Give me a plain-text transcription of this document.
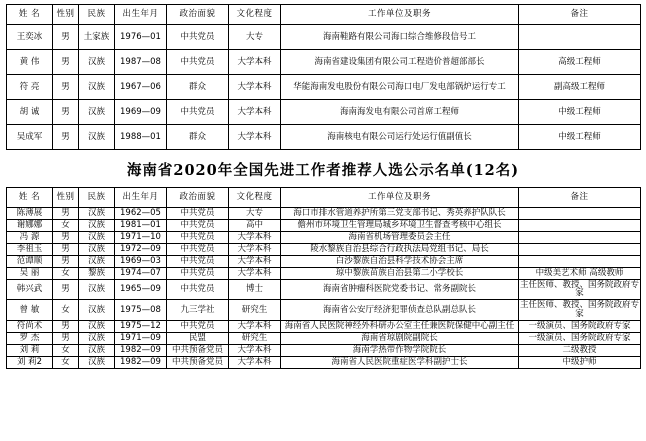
姓 名	性别	民族	出生年月	政治面貌	文化程度	工作单位及职务	备注
王奕冰	男	土家族	1976—01	中共党员	大专	海南鞋路有限公司海口综合维修段信号工	
黄 伟	男	汉族	1987—08	中共党员	大学本科	海南省建设集团有限公司工程造价普超部部长	高级工程师
符 亮	男	汉族	1967—06	群众	大学本科	华能海南发电股份有限公司海口电厂发电部锅炉运行专工	副高级工程师
胡 诚	男	汉族	1969—09	中共党员	大学本科	海南海发电有限公司首席工程师	中级工程师
吴成军	男	汉族	1988—01	群众	大学本科	海南核电有限公司运行处运行值副值长	中级工程师
海南省2020年全国先进工作者推荐人选公示名单(12名)
姓 名	性别	民族	出生年月	政治面貌	文化程度	工作单位及职务	备注
陈薄展	男	汉族	1962—05	中共党员	大专	海口市排水管道养护所第三党支部书记、秀英养护队队长	
谢娜娜	女	汉族	1981—01	中共党员	高中	儋州市环境卫生管理局城乡环境卫生督查考核中心组长	
冯 源	男	汉族	1971—10	中共党员	大学本科	海南省机场管理委员会主任	
李祖玉	男	汉族	1972—09	中共党员	大学本科	陵水黎族自治县综合行政执法局党组书记、局长	
范谭顺	男	汉族	1969—03	中共党员	大学本科	白沙黎族自治县科学技术协会主席	
吴 丽	女	黎族	1974—07	中共党员	大学本科	琼中黎族苗族自治县第二小学校长	中级美艺术师 高级教师
韩兴武	男	汉族	1965—09	中共党员	博士	海南省肿瘤科医院党委书记、常务副院长	主任医师、教授、国务院政府专家
曾 敏	女	汉族	1975—08	九三学社	研究生	海南省公安厅经济犯罪侦查总队副总队长	主任医师、教授、国务院政府专家
符尚术	男	汉族	1975—12	中共党员	大学本科	海南省人民医院神经外科研办公室主任兼医院保健中心副主任	一级演员、国务院政府专家
罗 杰	男	汉族	1971—09	民盟	研究生	海南省琼剧院副院长	一级演员、国务院政府专家
刘 莉	女	汉族	1982—09	中共预备党员	大学本科	海南学热带作物学院院长	二级教授
刘 莉2	女	汉族	1982—09	中共预备党员	大学本科	海南省人民医院重症医学科副护士长	中级护师
